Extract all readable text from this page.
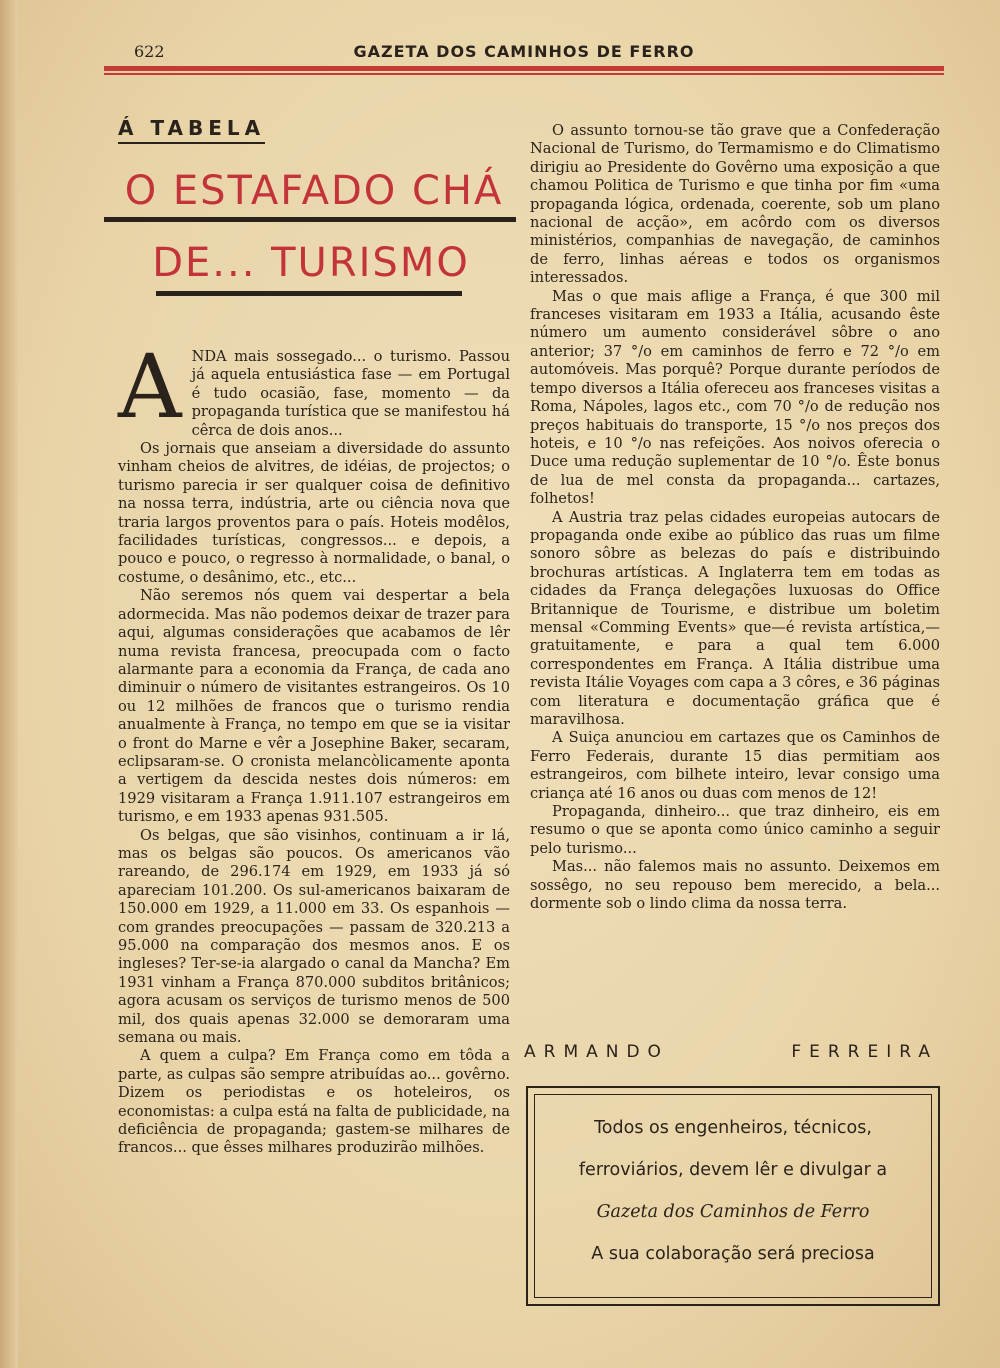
622	GAZETA DOS CAMINHOS DE FERRO
Á TABELA
O ESTAFADO CHÁ
DE... TURISMO

ANDA mais sossegado... o turismo. Passou já aquela entusiástica fase — em Portugal é tudo ocasião, fase, momento — da propaganda turística que se manifestou há cêrca de dois anos...

Os jornais que anseiam a diversidade do assunto vinham cheios de alvitres, de idéias, de projectos; o turismo parecia ir ser qualquer coisa de definitivo na nossa terra, indústria, arte ou ciência nova que traria largos proventos para o país. Hoteis modêlos, facilidades turísticas, congressos... e depois, a pouco e pouco, o regresso à normalidade, o banal, o costume, o desânimo, etc., etc...

Não seremos nós quem vai despertar a bela adormecida. Mas não podemos deixar de trazer para aqui, algumas considerações que acabamos de lêr numa revista francesa, preocupada com o facto alarmante para a economia da França, de cada ano diminuir o número de visitantes estrangeiros. Os 10 ou 12 milhões de francos que o turismo rendia anualmente à França, no tempo em que se ia visitar o front do Marne e vêr a Josephine Baker, secaram, eclipsaram-se. O cronista melancòlicamente aponta a vertigem da descida nestes dois números: em 1929 visitaram a França 1.911.107 estrangeiros em turismo, e em 1933 apenas 931.505.

Os belgas, que são visinhos, continuam a ir lá, mas os belgas são poucos. Os americanos vão rareando, de 296.174 em 1929, em 1933 já só apareciam 101.200. Os sul-americanos baixaram de 150.000 em 1929, a 11.000 em 33. Os espanhois — com grandes preocupações — passam de 320.213 a 95.000 na comparação dos mesmos anos. E os ingleses? Ter-se-ia alargado o canal da Mancha? Em 1931 vinham a França 870.000 subditos britânicos; agora acusam os serviços de turismo menos de 500 mil, dos quais apenas 32.000 se demoraram uma semana ou mais.

A quem a culpa? Em França como em tôda a parte, as culpas são sempre atribuídas ao... govêrno. Dizem os periodistas e os hoteleiros, os economistas: a culpa está na falta de publicidade, na deficiência de propaganda; gastem-se milhares de francos... que êsses milhares produzirão milhões.

O assunto tornou-se tão grave que a Confederação Nacional de Turismo, do Termamismo e do Climatismo dirigiu ao Presidente do Govêrno uma exposição a que chamou Politica de Turismo e que tinha por fim «uma propaganda lógica, ordenada, coerente, sob um plano nacional de acção», em acôrdo com os diversos ministérios, companhias de navegação, de caminhos de ferro, linhas aéreas e todos os organismos interessados.

Mas o que mais aflige a França, é que 300 mil franceses visitaram em 1933 a Itália, acusando êste número um aumento considerável sôbre o ano anterior; 37 °/o em caminhos de ferro e 72 °/o em automóveis. Mas porquê? Porque durante períodos de tempo diversos a Itália ofereceu aos franceses visitas a Roma, Nápoles, lagos etc., com 70 °/o de redução nos preços habituais do transporte, 15 °/o nos preços dos hoteis, e 10 °/o nas refeições. Aos noivos oferecia o Duce uma redução suplementar de 10 °/o. Êste bonus de lua de mel consta da propaganda... cartazes, folhetos!

A Austria traz pelas cidades europeias autocars de propaganda onde exibe ao público das ruas um filme sonoro sôbre as belezas do país e distribuindo brochuras artísticas. A Inglaterra tem em todas as cidades da França delegações luxuosas do Office Britannique de Tourisme, e distribue um boletim mensal «Comming Events» que—é revista artística,—gratuitamente, e para a qual tem 6.000 correspondentes em França. A Itália distribue uma revista Itálie Voyages com capa a 3 côres, e 36 páginas com literatura e documentação gráfica que é maravilhosa.

A Suiça anunciou em cartazes que os Caminhos de Ferro Federais, durante 15 dias permitiam aos estrangeiros, com bilhete inteiro, levar consigo uma criança até 16 anos ou duas com menos de 12!

Propaganda, dinheiro... que traz dinheiro, eis em resumo o que se aponta como único caminho a seguir pelo turismo...

Mas... não falemos mais no assunto. Deixemos em sossêgo, no seu repouso bem merecido, a bela... dormente sob o lindo clima da nossa terra.

ARMANDO	FERREIRA
Todos os engenheiros, técnicos,
ferroviários, devem lêr e divulgar a
Gazeta dos Caminhos de Ferro
A sua colaboração será preciosa
